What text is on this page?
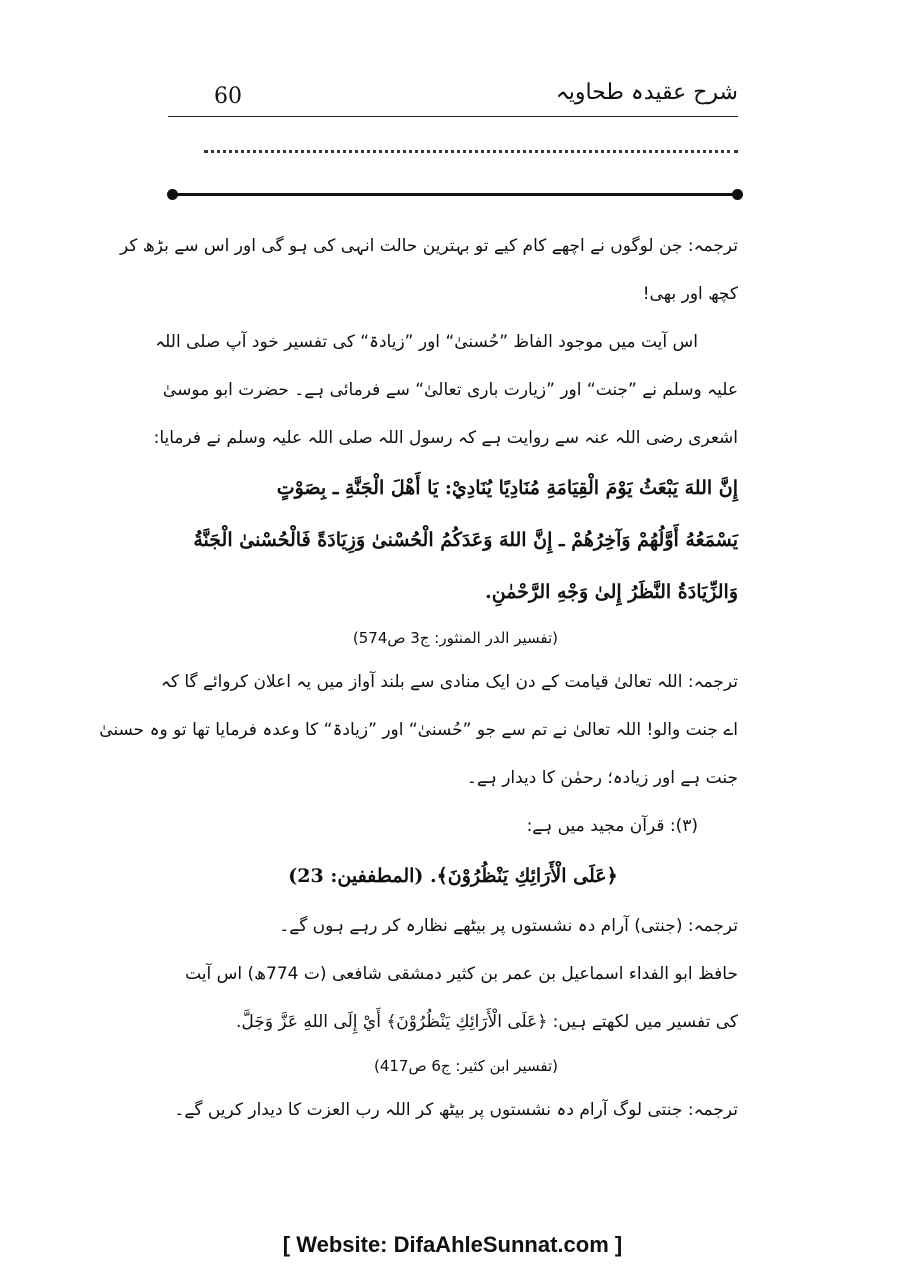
60	شرح عقیدہ طحاویہ

ترجمہ: جن لوگوں نے اچھے کام کیے تو بہترین حالت انہی کی ہو گی اور اس سے بڑھ کر

کچھ اور بھی!

اس آیت میں موجود الفاظ ”حُسنیٰ“ اور ”زیادۃ“ کی تفسیر خود آپ صلی اللہ

علیہ وسلم نے ”جنت“ اور ”زیارت باری تعالیٰ“ سے فرمائی ہے۔ حضرت ابو موسیٰ

اشعری رضی اللہ عنہ سے روایت ہے کہ رسول اللہ صلی اللہ علیہ وسلم نے فرمایا:

إِنَّ اللهَ يَبْعَثُ يَوْمَ الْقِيَامَةِ مُنَادِيًا يُنَادِيْ: يَا أَهْلَ الْجَنَّةِ ـ بِصَوْتٍ

يَسْمَعُهُ أَوَّلُهُمْ وَآخِرُهُمْ ـ إِنَّ اللهَ وَعَدَكُمُ الْحُسْنىٰ وَزِيَادَةً فَالْحُسْنىٰ الْجَنَّةُ

وَالزِّيَادَةُ النَّظَرُ إِلىٰ وَجْهِ الرَّحْمٰنِ.

(تفسیر الدر المنثور: ج3 ص574)

ترجمہ: اللہ تعالیٰ قیامت کے دن ایک منادی سے بلند آواز میں یہ اعلان کروائے گا کہ

اے جنت والو! اللہ تعالیٰ نے تم سے جو ”حُسنیٰ“ اور ”زیادۃ“ کا وعدہ فرمایا تھا تو وہ حسنیٰ

جنت ہے اور زیادہ؛ رحمٰن کا دیدار ہے۔

(۳): قرآن مجید میں ہے:

﴿عَلَى الْأَرَائِكِ يَنْظُرُوْنَ﴾. (المطففین: 23)

ترجمہ: (جنتی) آرام دہ نشستوں پر بیٹھے نظارہ کر رہے ہوں گے۔

حافظ ابو الفداء اسماعیل بن عمر بن کثیر دمشقی شافعی (ت 774ھ) اس آیت

کی تفسیر میں لکھتے ہیں: ﴿عَلَى الْأَرَائِكِ يَنْظُرُوْنَ﴾ أَيْ إِلَى اللهِ عَزَّ وَجَلَّ.

(تفسیر ابن کثیر: ج6 ص417)

ترجمہ: جنتی لوگ آرام دہ نشستوں پر بیٹھ کر اللہ رب العزت کا دیدار کریں گے۔

[ Website: DifaAhleSunnat.com ]
